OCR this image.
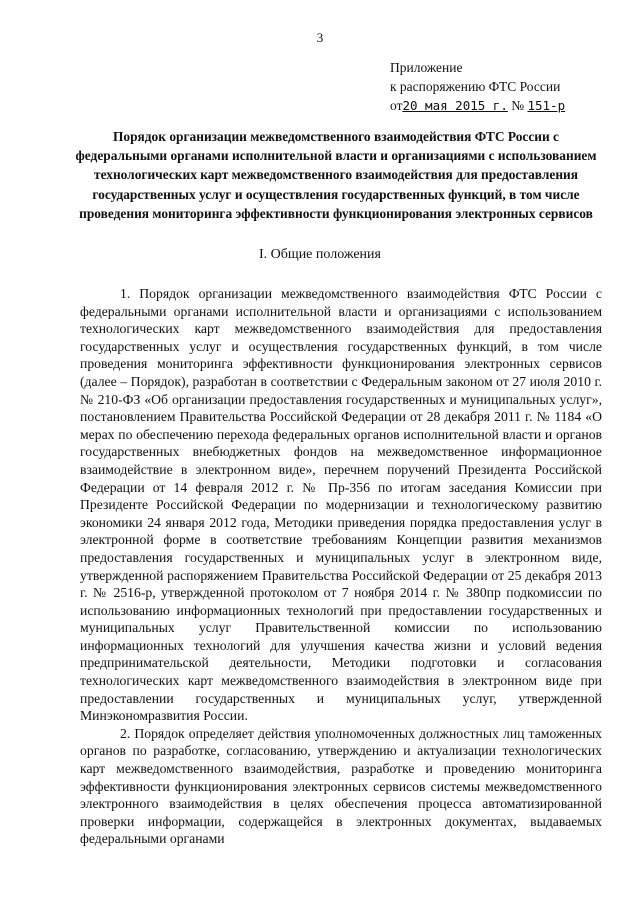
3
Приложение
к распоряжению ФТС России
от20 мая 2015 г. № 151-р
Порядок организации межведомственного взаимодействия ФТС России с федеральными органами исполнительной власти и организациями с использованием технологических карт межведомственного взаимодействия для предоставления государственных услуг и осуществления государственных функций, в том числе проведения мониторинга эффективности функционирования электронных сервисов
I. Общие положения

1. Порядок организации межведомственного взаимодействия ФТС России с федеральными органами исполнительной власти и организациями с использованием технологических карт межведомственного взаимодействия для предоставления государственных услуг и осуществления государственных функций, в том числе проведения мониторинга эффективности функционирования электронных сервисов (далее – Порядок), разработан в соответствии с Федеральным законом от 27 июля 2010 г. № 210-ФЗ «Об организации предоставления государственных и муниципальных услуг», постановлением Правительства Российской Федерации от 28 декабря 2011 г. № 1184 «О мерах по обеспечению перехода федеральных органов исполнительной власти и органов государственных внебюджетных фондов на межведомственное информационное взаимодействие в электронном виде», перечнем поручений Президента Российской Федерации от 14 февраля 2012 г. № Пр-356 по итогам заседания Комиссии при Президенте Российской Федерации по модернизации и технологическому развитию экономики 24 января 2012 года, Методики приведения порядка предоставления услуг в электронной форме в соответствие требованиям Концепции развития механизмов предоставления государственных и муниципальных услуг в электронном виде, утвержденной распоряжением Правительства Российской Федерации от 25 декабря 2013 г. № 2516-р, утвержденной протоколом от 7 ноября 2014 г. № 380пр подкомиссии по использованию информационных технологий при предоставлении государственных и муниципальных услуг Правительственной комиссии по использованию информационных технологий для улучшения качества жизни и условий ведения предпринимательской деятельности, Методики подготовки и согласования технологических карт межведомственного взаимодействия в электронном виде при предоставлении государственных и муниципальных услуг, утвержденной Минэкономразвития России.

2. Порядок определяет действия уполномоченных должностных лиц таможенных органов по разработке, согласованию, утверждению и актуализации технологических карт межведомственного взаимодействия, разработке и проведению мониторинга эффективности функционирования электронных сервисов системы межведомственного электронного взаимодействия в целях обеспечения процесса автоматизированной проверки информации, содержащейся в электронных документах, выдаваемых федеральными органами
